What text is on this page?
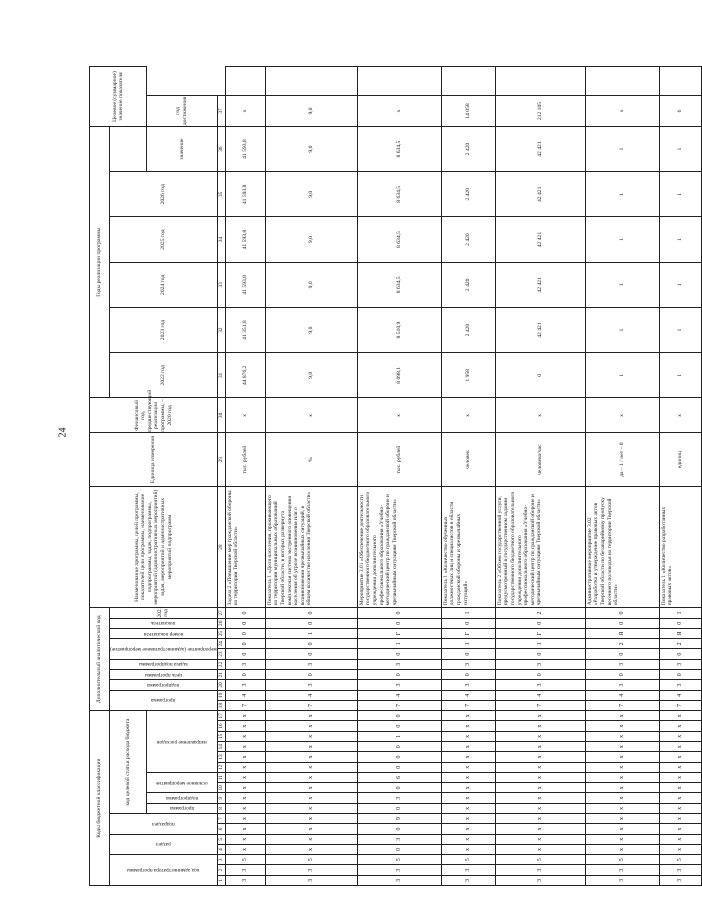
24
Коды бюджетной классификации																	Дополнительный аналитический код										Наименование программы, целей программы, показателей цели программы, наименование подпрограммы, задач, подпрограммы, мероприятий (административных мероприятий) задач, мероприятий и административных мероприятий подпрограмм	Единица измерения	Финансовый год, предшествующий реализации программы, – 2020 год	Годы реализации программы						Целевое (суммарное) значение показателя	

код администратора программы			раздел		подраздел		код целевой статьи расхода бюджета										программа		подпрограмма	цель программы	задача подпрограммы	мероприятие (административное мероприятие)		номер показателя	показатель	2021 год				2022 год	2023 год	2024 год	2025 год	2026 год			

							программа	подпрограмма	основное мероприятие		направление расходов																								значение	год достижения	
1	2	3	4	5	6	7	8	9	10	11	12	13	14	15	16	17	18	19	20	21	22	23	24	25	26	27	28	29	30	31	32	33	34	35	36	37	
3	3	5	х	х	х	х	х	х	х	х	х	х	х	х	х	х	7	4	3	0	3	0	0	0	0	0	Задача 2 «Повышение мер гражданской обороны на территории Тверской области»	тыс. рублей	х	44 876,2	41 351,8	41 593,8	41 593,8	41 593,8	41 593,8	х	
3	3	5	х	х	х	х	х	х	х	х	х	х	х	х	х	х	7	4	3	0	3	0	0	1	0	0	Показатель 1 «Доля населения, проживающего на территории муниципальных образований Тверской области, в которых развернута комплексная система экстренного оповещения населения об угрозе возникновения или о возникновении чрезвычайных ситуаций, в общем количестве населения Тверской области»	%	х	9,0	9,0	9,0	9,0	9,0	9,0	9,0	
3	3	5	0	3	0	9	0	3	0	6	0	0	0	1	0	0	7	4	3	0	3	0	1	Г	0	0	Мероприятие 3.01 «Обеспечение деятельности государственного бюджетного образовательного учреждения дополнительного профессионального образования «Учебно-методический центр по гражданской обороне и чрезвычайным ситуациям Тверской области»	тыс. рублей	х	8 098,1	8 510,9	8 634,5	8 634,5	8 634,5	8 634,5	х	
3	3	5	х	х	х	х	х	х	х	х	х	х	х	х	х	х	7	4	3	0	3	0	1	Г	0	1	Показатель 1 «Количество обученных должностных лиц и специалистов в области гражданской обороны и чрезвычайных ситуаций»	человек	х	1 958	2 420	2 420	2 420	2 420	2 420	14 058	
3	3	5	х	х	х	х	х	х	х	х	х	х	х	х	х	х	7	4	3	0	3	0	1	Г	0	2	Показатель 2 «Объем государственной услуги, предусмотренный в государственном задании государственного бюджетного образовательного учреждения дополнительного профессионального образования «Учебно-методический центр по гражданской обороне и чрезвычайным ситуациям Тверской области»	человеко/час	х	0	42 421	42 421	42 421	42 421	42 421	212 105	
3	3	5	х	х	х	х	х	х	х	х	х	х	х	х	х	х	7	4	3	0	3	0	2	Я	0	0	Административное мероприятие 3.02 «Разработка и утверждение правовых актов Тверской области по безаварийному пропуску весеннего половодья на территории Тверской области»	да – 1 / нет – 0	х	1	1	1	1	1	1	х	
3	3	5	х	х	х	х	х	х	х	х	х	х	х	х	х	х	7	4	3	0	3	0	2	Я	0	1	Показатель 1 «Количество разработанных правовых актов»	единиц	х	1	1	1	1	1	1	6	
